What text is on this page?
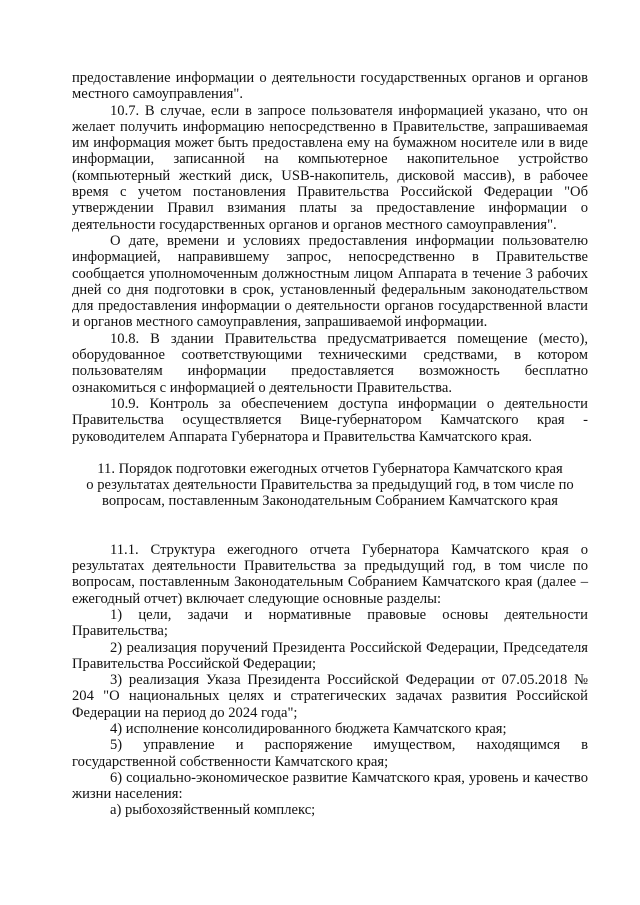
предоставление информации о деятельности государственных органов и органов местного самоуправления".

10.7. В случае, если в запросе пользователя информацией указано, что он желает получить информацию непосредственно в Правительстве, запрашиваемая им информация может быть предоставлена ему на бумажном носителе или в виде информации, записанной на компьютерное накопительное устройство (компьютерный жесткий диск, USB-накопитель, дисковой массив), в рабочее время с учетом постановления Правительства Российской Федерации "Об утверждении Правил взимания платы за предоставление информации о деятельности государственных органов и органов местного самоуправления".

О дате, времени и условиях предоставления информации пользователю информацией, направившему запрос, непосредственно в Правительстве сообщается уполномоченным должностным лицом Аппарата в течение 3 рабочих дней со дня подготовки в срок, установленный федеральным законодательством для предоставления информации о деятельности органов государственной власти и органов местного самоуправления, запрашиваемой информации.

10.8. В здании Правительства предусматривается помещение (место), оборудованное соответствующими техническими средствами, в котором пользователям информации предоставляется возможность бесплатно ознакомиться с информацией о деятельности Правительства.

10.9. Контроль за обеспечением доступа информации о деятельности Правительства осуществляется Вице-губернатором Камчатского края - руководителем Аппарата Губернатора и Правительства Камчатского края.

11. Порядок подготовки ежегодных отчетов Губернатора Камчатского края
о результатах деятельности Правительства за предыдущий год, в том числе по
вопросам, поставленным Законодательным Собранием Камчатского края

11.1. Структура ежегодного отчета Губернатора Камчатского края о результатах деятельности Правительства за предыдущий год, в том числе по вопросам, поставленным Законодательным Собранием Камчатского края (далее – ежегодный отчет) включает следующие основные разделы:

1) цели, задачи и нормативные правовые основы деятельности Правительства;

2) реализация поручений Президента Российской Федерации, Председателя Правительства Российской Федерации;

3) реализация Указа Президента Российской Федерации от 07.05.2018 № 204 "О национальных целях и стратегических задачах развития Российской Федерации на период до 2024 года";

4) исполнение консолидированного бюджета Камчатского края;

5) управление и распоряжение имуществом, находящимся в государственной собственности Камчатского края;

6) социально-экономическое развитие Камчатского края, уровень и качество жизни населения:

а) рыбохозяйственный комплекс;
